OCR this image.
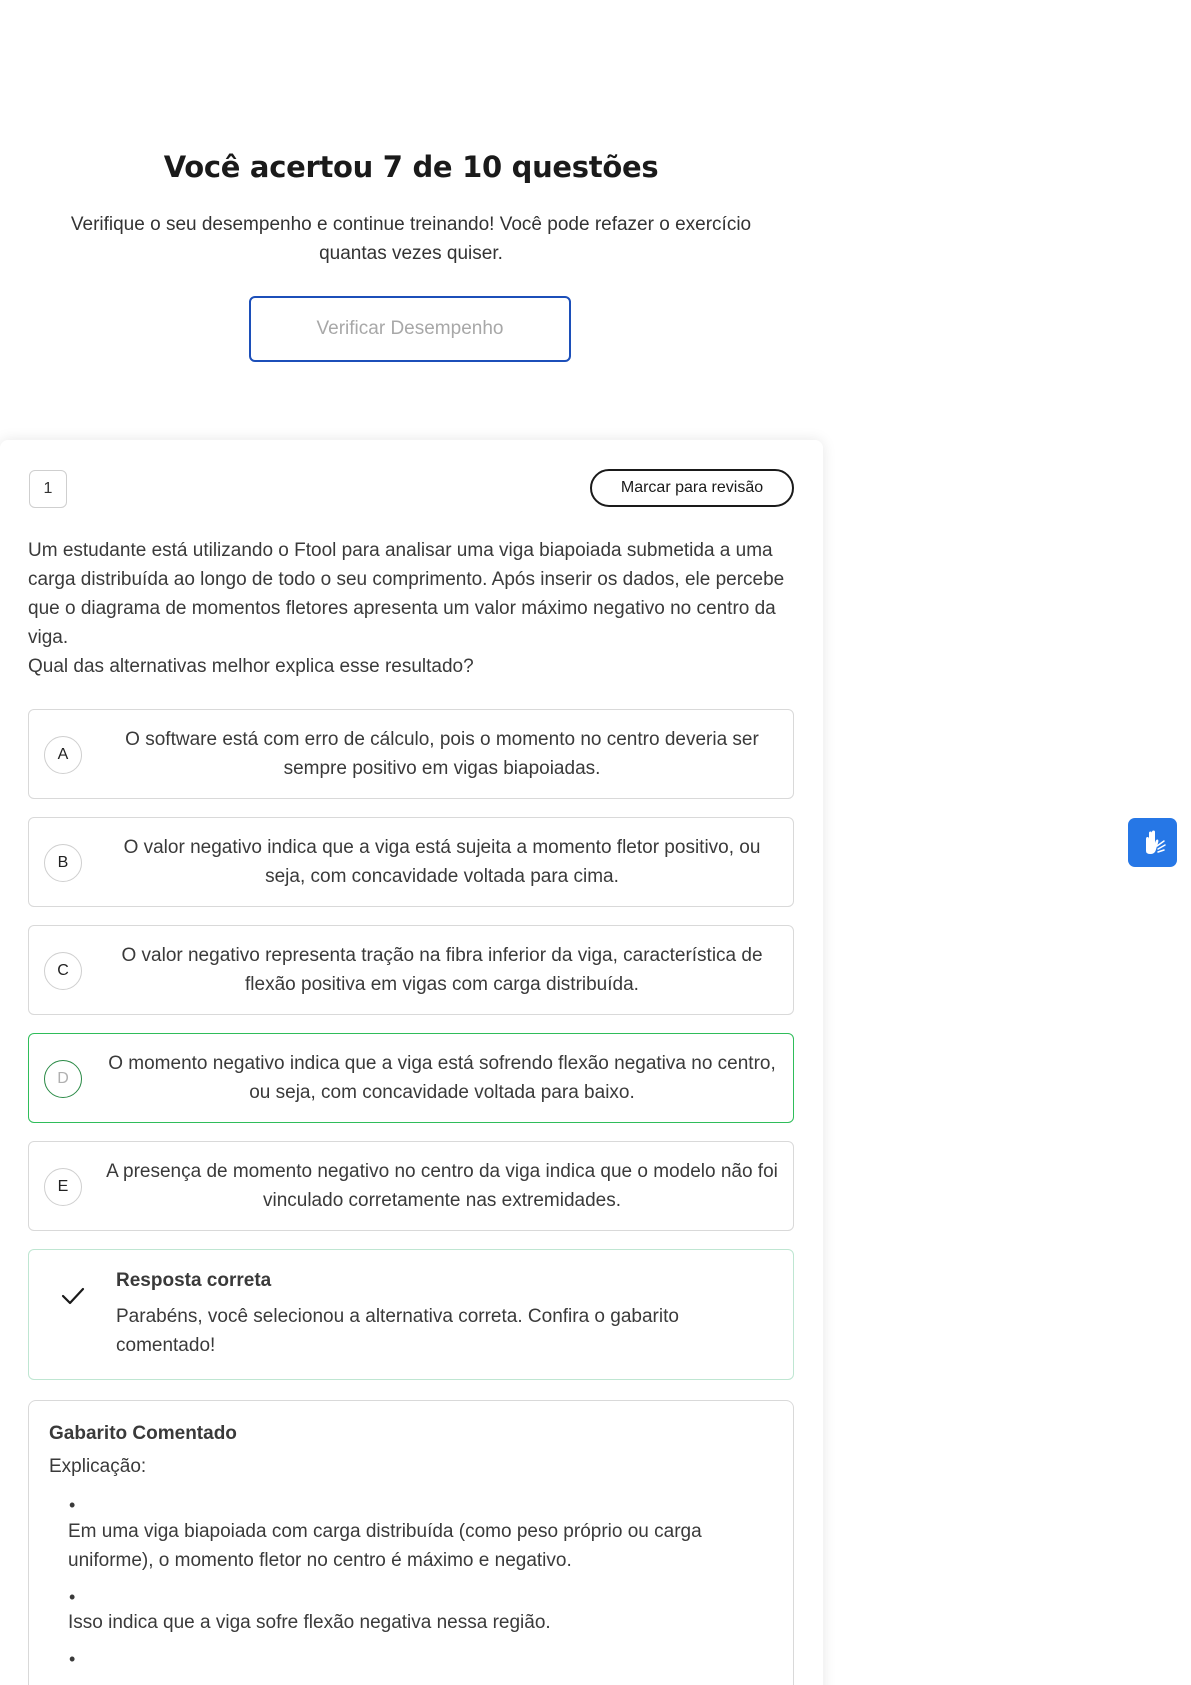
Você acertou 7 de 10 questões
Verifique o seu desempenho e continue treinando! Você pode refazer o exercício quantas vezes quiser.
Verificar Desempenho
1	Marcar para revisão

Um estudante está utilizando o Ftool para analisar uma viga biapoiada submetida a uma carga distribuída ao longo de todo o seu comprimento. Após inserir os dados, ele percebe que o diagrama de momentos fletores apresenta um valor máximo negativo no centro da viga.

Qual das alternativas melhor explica esse resultado?

A
O software está com erro de cálculo, pois o momento no centro deveria ser sempre positivo em vigas biapoiadas.
B
O valor negativo indica que a viga está sujeita a momento fletor positivo, ou seja, com concavidade voltada para cima.
C
O valor negativo representa tração na fibra inferior da viga, característica de flexão positiva em vigas com carga distribuída.
D
O momento negativo indica que a viga está sofrendo flexão negativa no centro, ou seja, com concavidade voltada para baixo.
E
A presença de momento negativo no centro da viga indica que o modelo não foi vinculado corretamente nas extremidades.
Resposta correta
Parabéns, você selecionou a alternativa correta. Confira o gabarito comentado!
Gabarito Comentado
Explicação:
•
Em uma viga biapoiada com carga distribuída (como peso próprio ou carga uniforme), o momento fletor no centro é máximo e negativo.
•
Isso indica que a viga sofre flexão negativa nessa região.
•
